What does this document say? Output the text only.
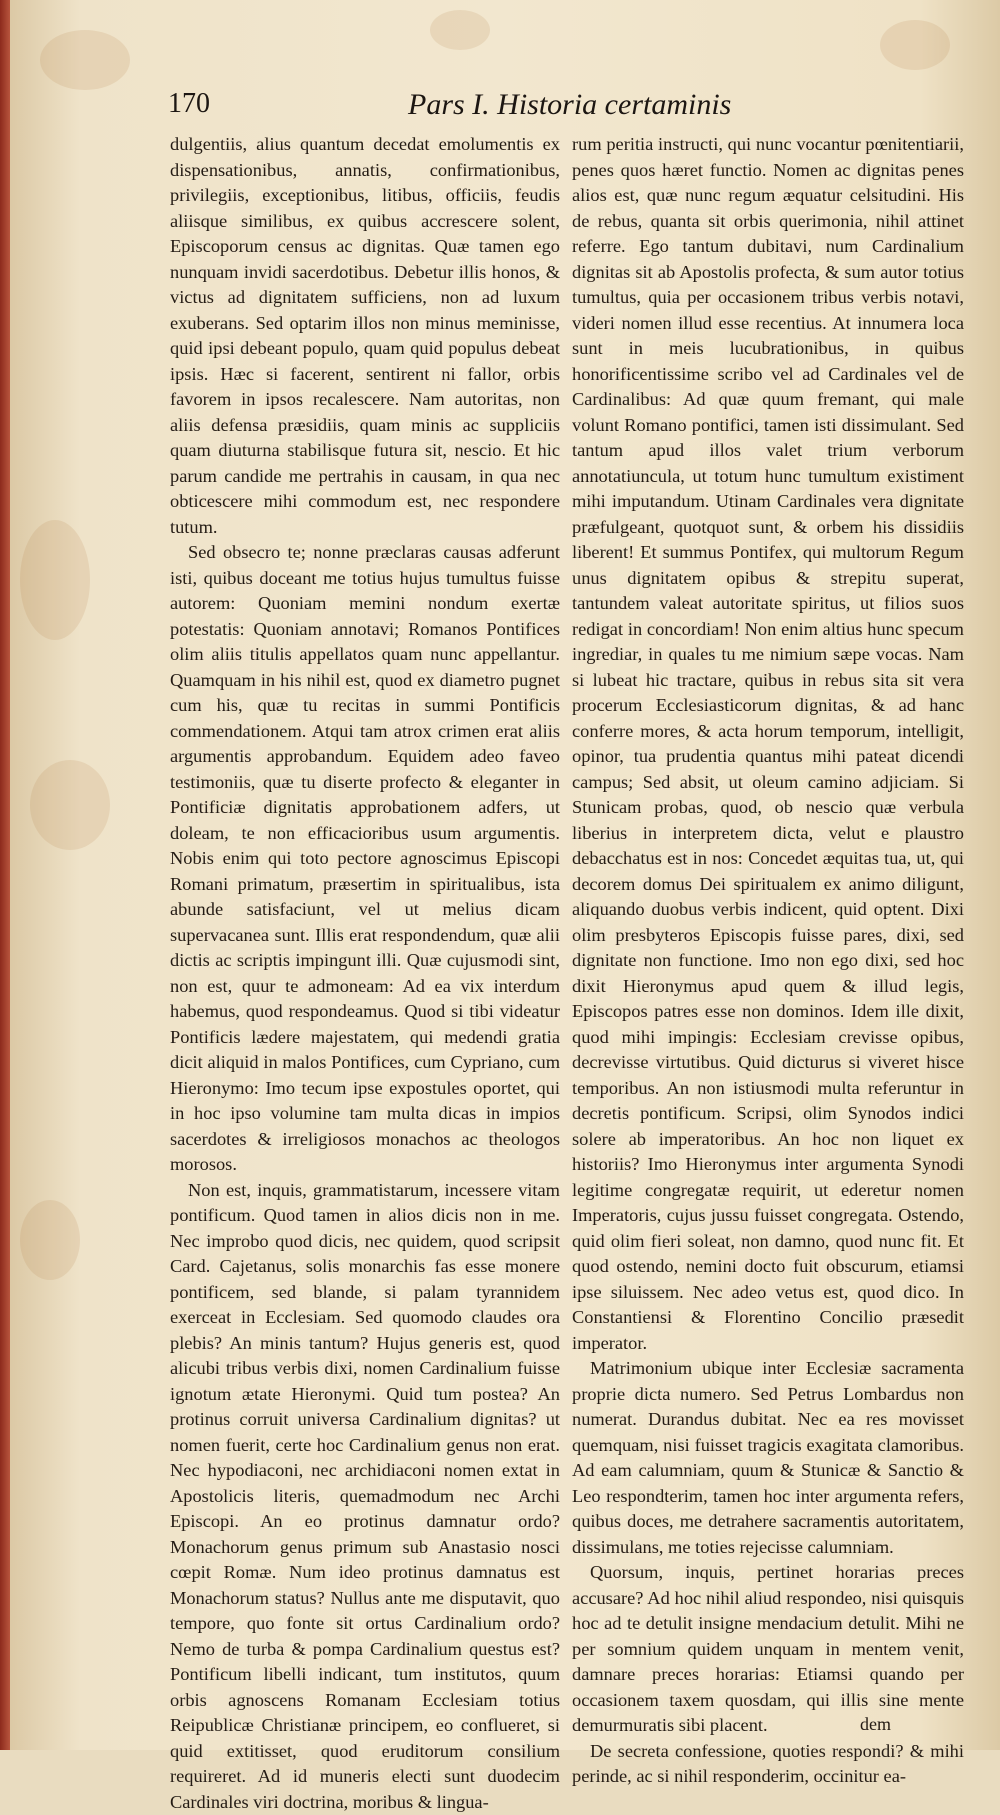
170	Pars I. Historia certaminis

dulgentiis, alius quantum decedat emolumentis ex dispensationibus, annatis, confirmationibus, privilegiis, exceptionibus, litibus, officiis, feudis aliisque similibus, ex quibus accrescere solent, Episcoporum census ac dignitas. Quæ tamen ego nunquam invidi sacerdotibus. Debetur illis honos, & victus ad dignitatem sufficiens, non ad luxum exuberans. Sed optarim illos non minus meminisse, quid ipsi debeant populo, quam quid populus debeat ipsis. Hæc si facerent, sentirent ni fallor, orbis favorem in ipsos recalescere. Nam autoritas, non aliis defensa præsidiis, quam minis ac suppliciis quam diuturna stabilisque futura sit, nescio. Et hic parum candide me pertrahis in causam, in qua nec obticescere mihi commodum est, nec respondere tutum.

Sed obsecro te; nonne præclaras causas adferunt isti, quibus doceant me totius hujus tumultus fuisse autorem: Quoniam memini nondum exertæ potestatis: Quoniam annotavi; Romanos Pontifices olim aliis titulis appellatos quam nunc appellantur. Quamquam in his nihil est, quod ex diametro pugnet cum his, quæ tu recitas in summi Pontificis commendationem. Atqui tam atrox crimen erat aliis argumentis approbandum. Equidem adeo faveo testimoniis, quæ tu diserte profecto & eleganter in Pontificiæ dignitatis approbationem adfers, ut doleam, te non efficacioribus usum argumentis. Nobis enim qui toto pectore agnoscimus Episcopi Romani primatum, præsertim in spiritualibus, ista abunde satisfaciunt, vel ut melius dicam supervacanea sunt. Illis erat respondendum, quæ alii dictis ac scriptis impingunt illi. Quæ cujusmodi sint, non est, quur te admoneam: Ad ea vix interdum habemus, quod respondeamus. Quod si tibi videatur Pontificis lædere majestatem, qui medendi gratia dicit aliquid in malos Pontifices, cum Cypriano, cum Hieronymo: Imo tecum ipse expostules oportet, qui in hoc ipso volumine tam multa dicas in impios sacerdotes & irreligiosos monachos ac theologos morosos.

Non est, inquis, grammatistarum, incessere vitam pontificum. Quod tamen in alios dicis non in me. Nec improbo quod dicis, nec quidem, quod scripsit Card. Cajetanus, solis monarchis fas esse monere pontificem, sed blande, si palam tyrannidem exerceat in Ecclesiam. Sed quomodo claudes ora plebis? An minis tantum? Hujus generis est, quod alicubi tribus verbis dixi, nomen Cardinalium fuisse ignotum ætate Hieronymi. Quid tum postea? An protinus corruit universa Cardinalium dignitas? ut nomen fuerit, certe hoc Cardinalium genus non erat. Nec hypodiaconi, nec archidiaconi nomen extat in Apostolicis literis, quemadmodum nec Archi Episcopi. An eo protinus damnatur ordo? Monachorum genus primum sub Anastasio nosci cœpit Romæ. Num ideo protinus damnatus est Monachorum status? Nullus ante me disputavit, quo tempore, quo fonte sit ortus Cardinalium ordo? Nemo de turba & pompa Cardinalium questus est? Pontificum libelli indicant, tum institutos, quum orbis agnoscens Romanam Ecclesiam totius Reipublicæ Christianæ principem, eo conflueret, si quid extitisset, quod eruditorum consilium requireret. Ad id muneris electi sunt duodecim Cardinales viri doctrina, moribus & lingua-

rum peritia instructi, qui nunc vocantur pœnitentiarii, penes quos hæret functio. Nomen ac dignitas penes alios est, quæ nunc regum æquatur celsitudini. His de rebus, quanta sit orbis querimonia, nihil attinet referre. Ego tantum dubitavi, num Cardinalium dignitas sit ab Apostolis profecta, & sum autor totius tumultus, quia per occasionem tribus verbis notavi, videri nomen illud esse recentius. At innumera loca sunt in meis lucubrationibus, in quibus honorificentissime scribo vel ad Cardinales vel de Cardinalibus: Ad quæ quum fremant, qui male volunt Romano pontifici, tamen isti dissimulant. Sed tantum apud illos valet trium verborum annotatiuncula, ut totum hunc tumultum existiment mihi imputandum. Utinam Cardinales vera dignitate præfulgeant, quotquot sunt, & orbem his dissidiis liberent! Et summus Pontifex, qui multorum Regum unus dignitatem opibus & strepitu superat, tantundem valeat autoritate spiritus, ut filios suos redigat in concordiam! Non enim altius hunc specum ingrediar, in quales tu me nimium sæpe vocas. Nam si lubeat hic tractare, quibus in rebus sita sit vera procerum Ecclesiasticorum dignitas, & ad hanc conferre mores, & acta horum temporum, intelligit, opinor, tua prudentia quantus mihi pateat dicendi campus; Sed absit, ut oleum camino adjiciam. Si Stunicam probas, quod, ob nescio quæ verbula liberius in interpretem dicta, velut e plaustro debacchatus est in nos: Concedet æquitas tua, ut, qui decorem domus Dei spiritualem ex animo diligunt, aliquando duobus verbis indicent, quid optent. Dixi olim presbyteros Episcopis fuisse pares, dixi, sed dignitate non functione. Imo non ego dixi, sed hoc dixit Hieronymus apud quem & illud legis, Episcopos patres esse non dominos. Idem ille dixit, quod mihi impingis: Ecclesiam crevisse opibus, decrevisse virtutibus. Quid dicturus si viveret hisce temporibus. An non istiusmodi multa referuntur in decretis pontificum. Scripsi, olim Synodos indici solere ab imperatoribus. An hoc non liquet ex historiis? Imo Hieronymus inter argumenta Synodi legitime congregatæ requirit, ut ederetur nomen Imperatoris, cujus jussu fuisset congregata. Ostendo, quid olim fieri soleat, non damno, quod nunc fit. Et quod ostendo, nemini docto fuit obscurum, etiamsi ipse siluissem. Nec adeo vetus est, quod dico. In Constantiensi & Florentino Concilio præsedit imperator.

Matrimonium ubique inter Ecclesiæ sacramenta proprie dicta numero. Sed Petrus Lombardus non numerat. Durandus dubitat. Nec ea res movisset quemquam, nisi fuisset tragicis exagitata clamoribus. Ad eam calumniam, quum & Stunicæ & Sanctio & Leo respondterim, tamen hoc inter argumenta refers, quibus doces, me detrahere sacramentis autoritatem, dissimulans, me toties rejecisse calumniam.

Quorsum, inquis, pertinet horarias preces accusare? Ad hoc nihil aliud respondeo, nisi quisquis hoc ad te detulit insigne mendacium detulit. Mihi ne per somnium quidem unquam in mentem venit, damnare preces horarias: Etiamsi quando per occasionem taxem quosdam, qui illis sine mente demurmuratis sibi placent.

De secreta confessione, quoties respondi? & mihi perinde, ac si nihil responderim, occinitur ea-

dem
